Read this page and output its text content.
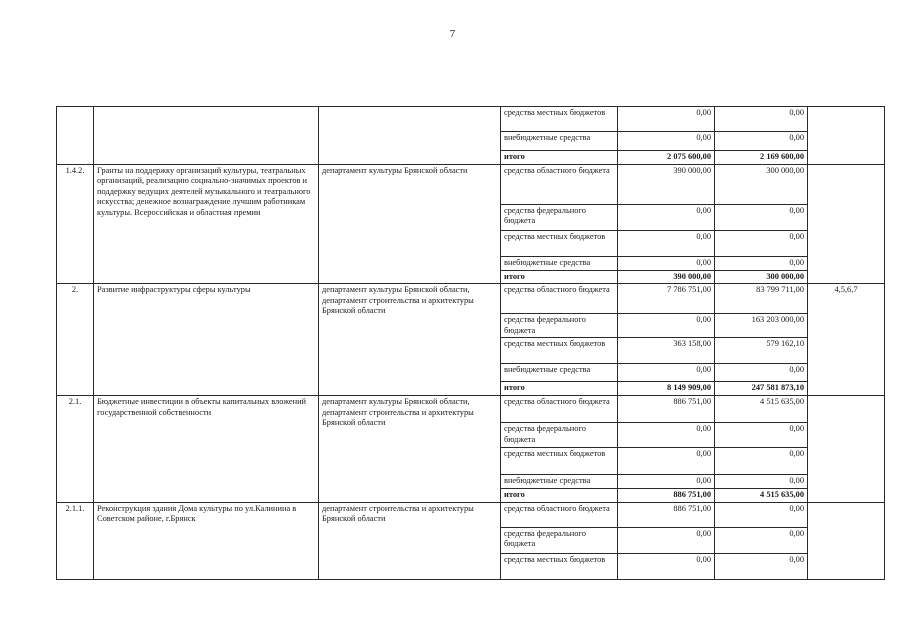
7
			средства местных бюджетов	0,00	0,00	
			внебюджетные средства	0,00	0,00	
			итого	2 075 600,00	2 169 600,00	
1.4.2.	Гранты на поддержку организаций культуры, театральных организаций, реализацию социально-значимых проектов и поддержку ведущих деятелей музыкального и театрального искусства; денежное вознаграждение лучшим работникам культуры. Всероссийская и областная премии	департамент культуры Брянской области	средства областного бюджета	390 000,00	300 000,00	
			средства федерального бюджета	0,00	0,00	
			средства местных бюджетов	0,00	0,00	
			внебюджетные средства	0,00	0,00	
			итого	390 000,00	300 000,00	
2.	Развитие инфраструктуры сферы культуры	департамент культуры Брянской области, департамент строительства и архитектуры Брянской области	средства областного бюджета	7 786 751,00	83 799 711,00	4,5,6,7
			средства федерального бюджета	0,00	163 203 000,00	
			средства местных бюджетов	363 158,00	579 162,10	
			внебюджетные средства	0,00	0,00	
			итого	8 149 909,00	247 581 873,10	
2.1.	Бюджетные инвестиции в объекты капитальных вложений государственной собственности	департамент культуры Брянской области, департамент строительства и архитектуры Брянской области	средства областного бюджета	886 751,00	4 515 635,00	
			средства федерального бюджета	0,00	0,00	
			средства местных бюджетов	0,00	0,00	
			внебюджетные средства	0,00	0,00	
			итого	886 751,00	4 515 635,00	
2.1.1.	Реконструкция здания Дома культуры по ул.Калинина в Советском районе, г.Брянск	департамент строительства и архитектуры Брянской области	средства областного бюджета	886 751,00	0,00	
			средства федерального бюджета	0,00	0,00	
			средства местных бюджетов	0,00	0,00	
